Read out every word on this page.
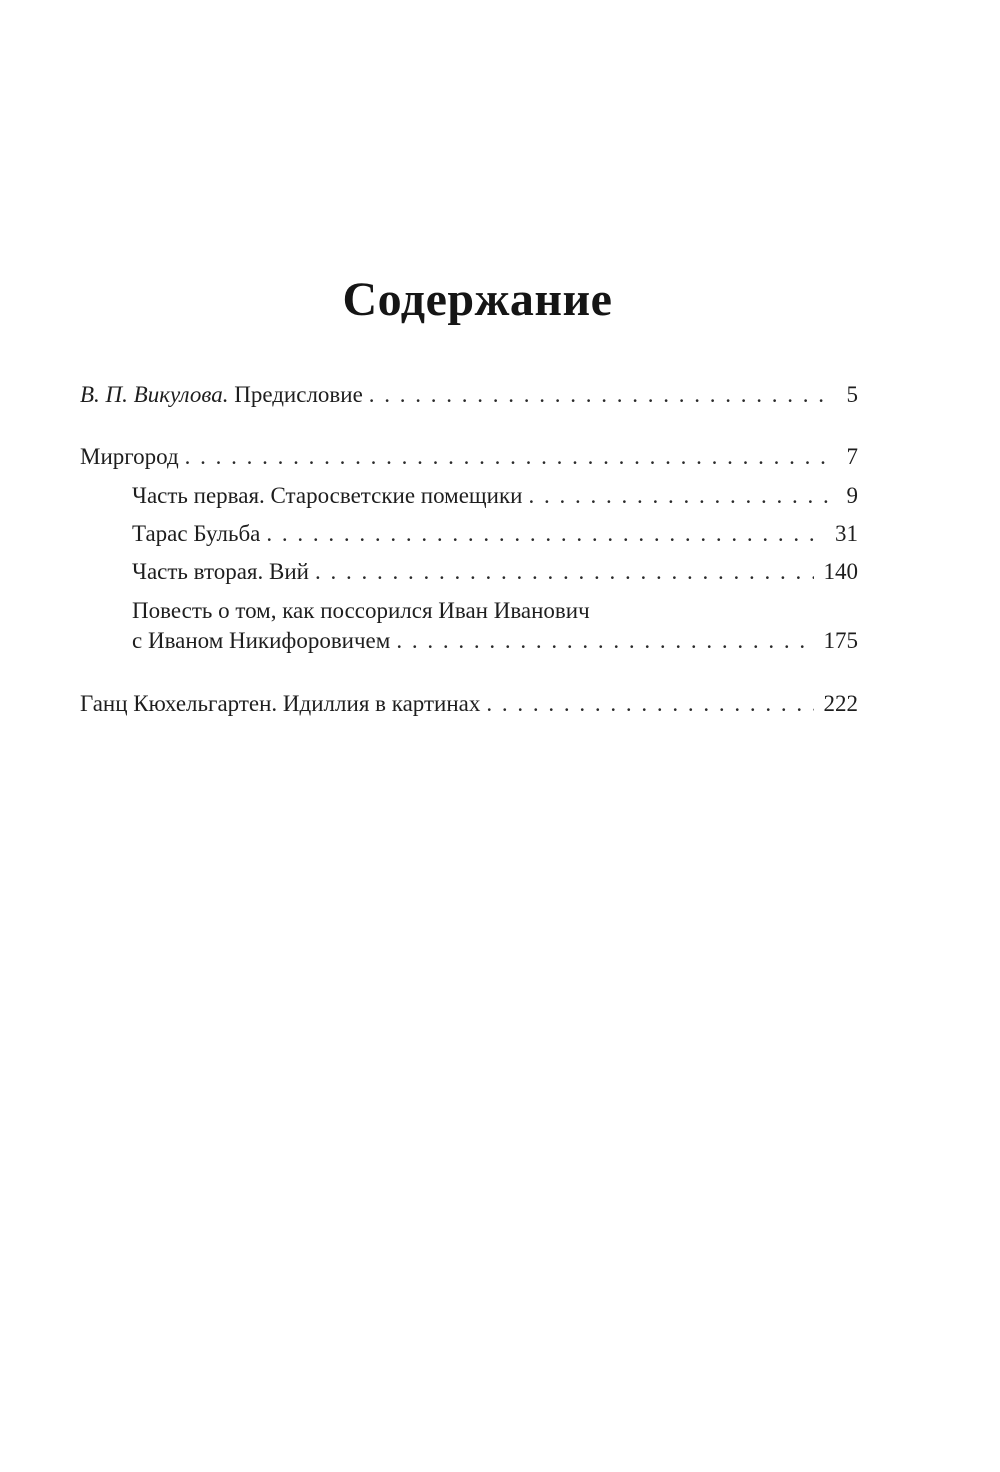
Содержание
В. П. Викулова. Предисловие . . .	5
Миргород . . .	7
Часть первая. Старосветские помещики . . .	9
Тарас Бульба . . .	31
Часть вторая. Вий . . .	140
Повесть о том, как поссорился Иван Иванович
с Иваном Никифоровичем . . .	175
Ганц Кюхельгартен. Идиллия в картинах . . .	222
